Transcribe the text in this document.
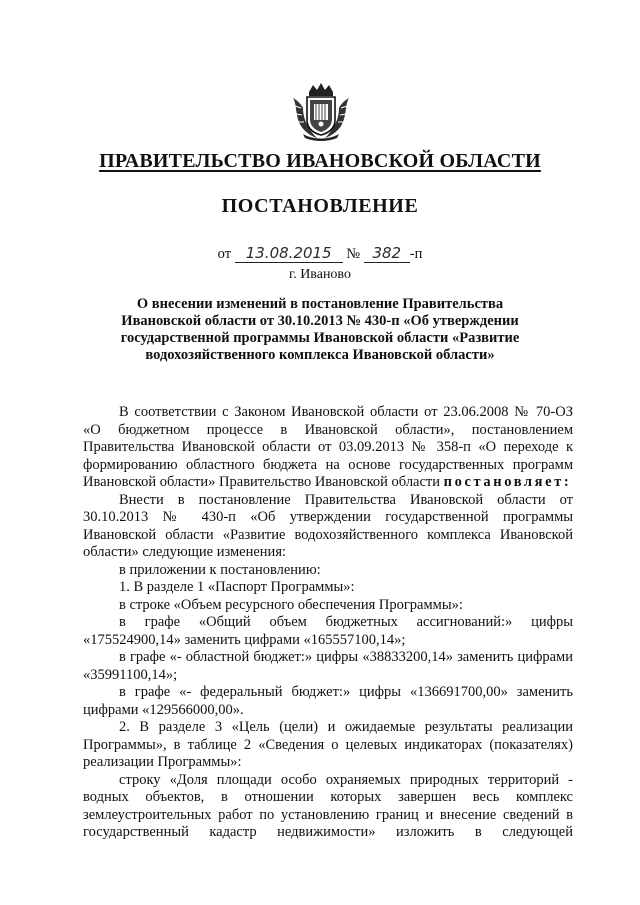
ПРАВИТЕЛЬСТВО ИВАНОВСКОЙ ОБЛАСТИ
ПОСТАНОВЛЕНИЕ
от 13.08.2015 № 382 -п
г. Иваново
О внесении изменений в постановление Правительства
Ивановской области от 30.10.2013 № 430-п «Об утверждении
государственной программы Ивановской области «Развитие
водохозяйственного комплекса Ивановской области»

В соответствии с Законом Ивановской области от 23.06.2008 № 70-ОЗ «О бюджетном процессе в Ивановской области», постановлением Правительства Ивановской области от 03.09.2013 № 358-п «О переходе к формированию областного бюджета на основе государственных программ Ивановской области» Правительство Ивановской области постановляет:

Внести в постановление Правительства Ивановской области от 30.10.2013 № 430-п «Об утверждении государственной программы Ивановской области «Развитие водохозяйственного комплекса Ивановской области» следующие изменения:

в приложении к постановлению:

1. В разделе 1 «Паспорт Программы»:

в строке «Объем ресурсного обеспечения Программы»:

в графе «Общий объем бюджетных ассигнований:» цифры «175524900,14» заменить цифрами «165557100,14»;

в графе «- областной бюджет:» цифры «38833200,14» заменить цифрами «35991100,14»;

в графе «- федеральный бюджет:» цифры «136691700,00» заменить цифрами «129566000,00».

2. В разделе 3 «Цель (цели) и ожидаемые результаты реализации Программы», в таблице 2 «Сведения о целевых индикаторах (показателях) реализации Программы»:

строку «Доля площади особо охраняемых природных территорий - водных объектов, в отношении которых завершен весь комплекс землеустроительных работ по установлению границ и внесение сведений в государственный кадастр недвижимости» изложить в следующей
